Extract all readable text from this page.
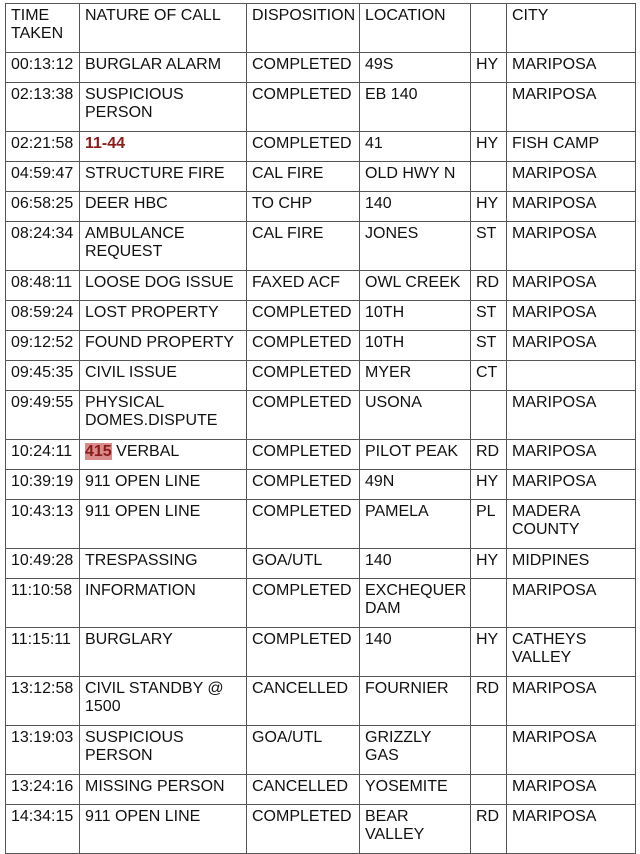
TIME TAKEN	NATURE OF CALL	DISPOSITION	LOCATION		CITY
00:13:12	BURGLAR ALARM	COMPLETED	49S	HY	MARIPOSA
02:13:38	SUSPICIOUS PERSON	COMPLETED	EB 140		MARIPOSA
02:21:58	11-44	COMPLETED	41	HY	FISH CAMP
04:59:47	STRUCTURE FIRE	CAL FIRE	OLD HWY N		MARIPOSA
06:58:25	DEER HBC	TO CHP	140	HY	MARIPOSA
08:24:34	AMBULANCE REQUEST	CAL FIRE	JONES	ST	MARIPOSA
08:48:11	LOOSE DOG ISSUE	FAXED ACF	OWL CREEK	RD	MARIPOSA
08:59:24	LOST PROPERTY	COMPLETED	10TH	ST	MARIPOSA
09:12:52	FOUND PROPERTY	COMPLETED	10TH	ST	MARIPOSA
09:45:35	CIVIL ISSUE	COMPLETED	MYER	CT	
09:49:55	PHYSICAL DOMES.DISPUTE	COMPLETED	USONA		MARIPOSA
10:24:11	415 VERBAL	COMPLETED	PILOT PEAK	RD	MARIPOSA
10:39:19	911 OPEN LINE	COMPLETED	49N	HY	MARIPOSA
10:43:13	911 OPEN LINE	COMPLETED	PAMELA	PL	MADERA COUNTY
10:49:28	TRESPASSING	GOA/UTL	140	HY	MIDPINES
11:10:58	INFORMATION	COMPLETED	EXCHEQUER DAM		MARIPOSA
11:15:11	BURGLARY	COMPLETED	140	HY	CATHEYS VALLEY
13:12:58	CIVIL STANDBY @ 1500	CANCELLED	FOURNIER	RD	MARIPOSA
13:19:03	SUSPICIOUS PERSON	GOA/UTL	GRIZZLY GAS		MARIPOSA
13:24:16	MISSING PERSON	CANCELLED	YOSEMITE		MARIPOSA
14:34:15	911 OPEN LINE	COMPLETED	BEAR VALLEY	RD	MARIPOSA
